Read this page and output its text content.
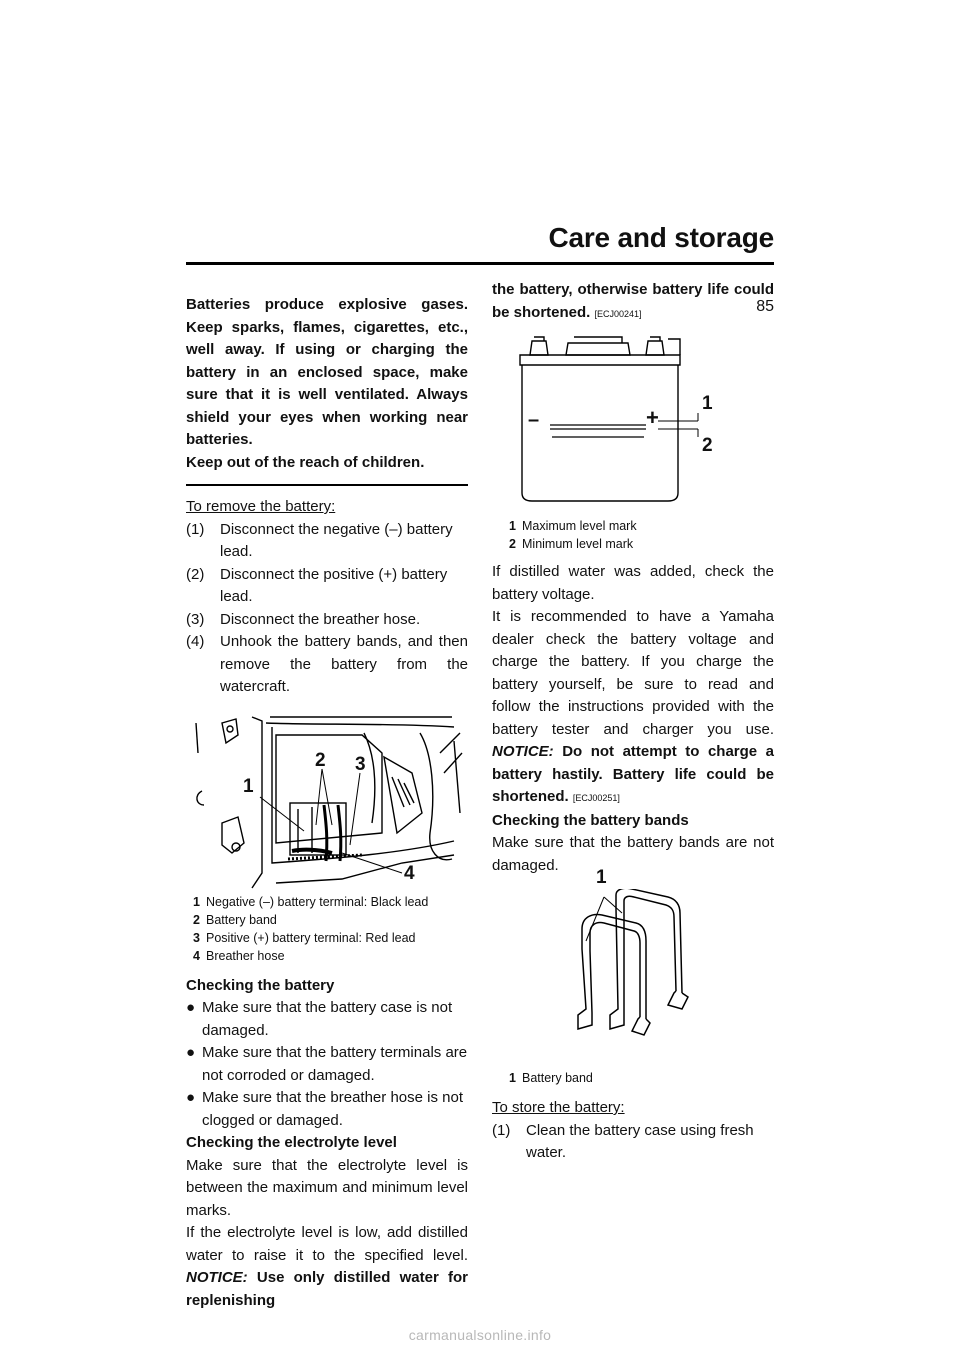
Care and storage
85

Batteries produce explosive gases. Keep sparks, flames, cigarettes, etc., well away. If using or charging the battery in an enclosed space, make sure that it is well ventilated. Always shield your eyes when working near batteries.

Keep out of the reach of children.

To remove the battery:

(1) Disconnect the negative (–) battery lead.
(2) Disconnect the positive (+) battery lead.
(3) Disconnect the breather hose.
(4) Unhook the battery bands, and then remove the battery from the watercraft.
1
2 3
4
1 Negative (–) battery terminal: Black lead
2 Battery band
3 Positive (+) battery terminal: Red lead
4 Breather hose

Checking the battery

● Make sure that the battery case is not damaged.
● Make sure that the battery terminals are not corroded or damaged.
● Make sure that the breather hose is not clogged or damaged.

Checking the electrolyte level

Make sure that the electrolyte level is between the maximum and minimum level marks.

If the electrolyte level is low, add distilled water to raise it to the specified level. NOTICE: Use only distilled water for replenishing

the battery, otherwise battery life could be shortened. [ECJ00241]

–	+
1
2
1 Maximum level mark
2 Minimum level mark

If distilled water was added, check the battery voltage.

It is recommended to have a Yamaha dealer check the battery voltage and charge the battery. If you charge the battery yourself, be sure to read and follow the instructions provided with the battery tester and charger you use. NOTICE: Do not attempt to charge a battery hastily. Battery life could be shortened. [ECJ00251]

Checking the battery bands

Make sure that the battery bands are not damaged.

1
1 Battery band

To store the battery:

(1) Clean the battery case using fresh water.
carmanualsonline.info
